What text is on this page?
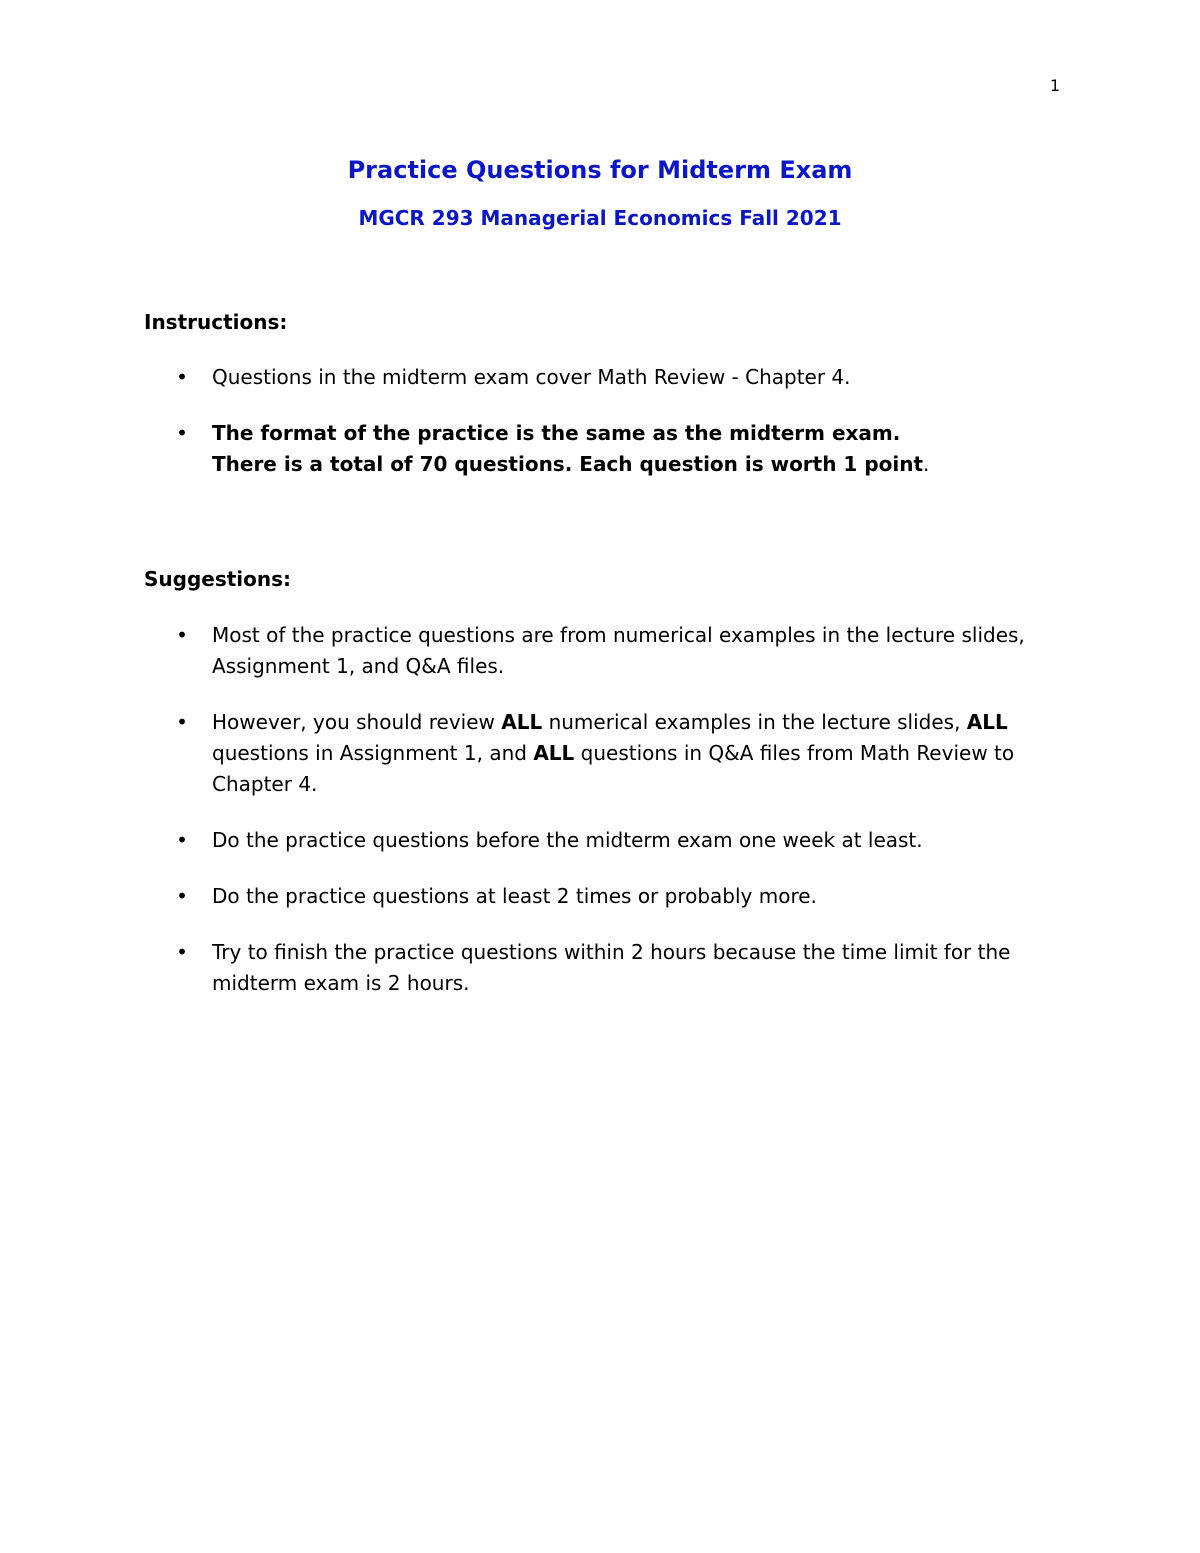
1
Practice Questions for Midterm Exam
MGCR 293 Managerial Economics Fall 2021
Instructions:
• Questions in the midterm exam cover Math Review - Chapter 4.
• The format of the practice is the same as the midterm exam.
There is a total of 70 questions. Each question is worth 1 point.
Suggestions:
• Most of the practice questions are from numerical examples in the lecture slides, Assignment 1, and Q&A files.
• However, you should review ALL numerical examples in the lecture slides, ALL questions in Assignment 1, and ALL questions in Q&A files from Math Review to Chapter 4.
• Do the practice questions before the midterm exam one week at least.
• Do the practice questions at least 2 times or probably more.
• Try to finish the practice questions within 2 hours because the time limit for the midterm exam is 2 hours.
